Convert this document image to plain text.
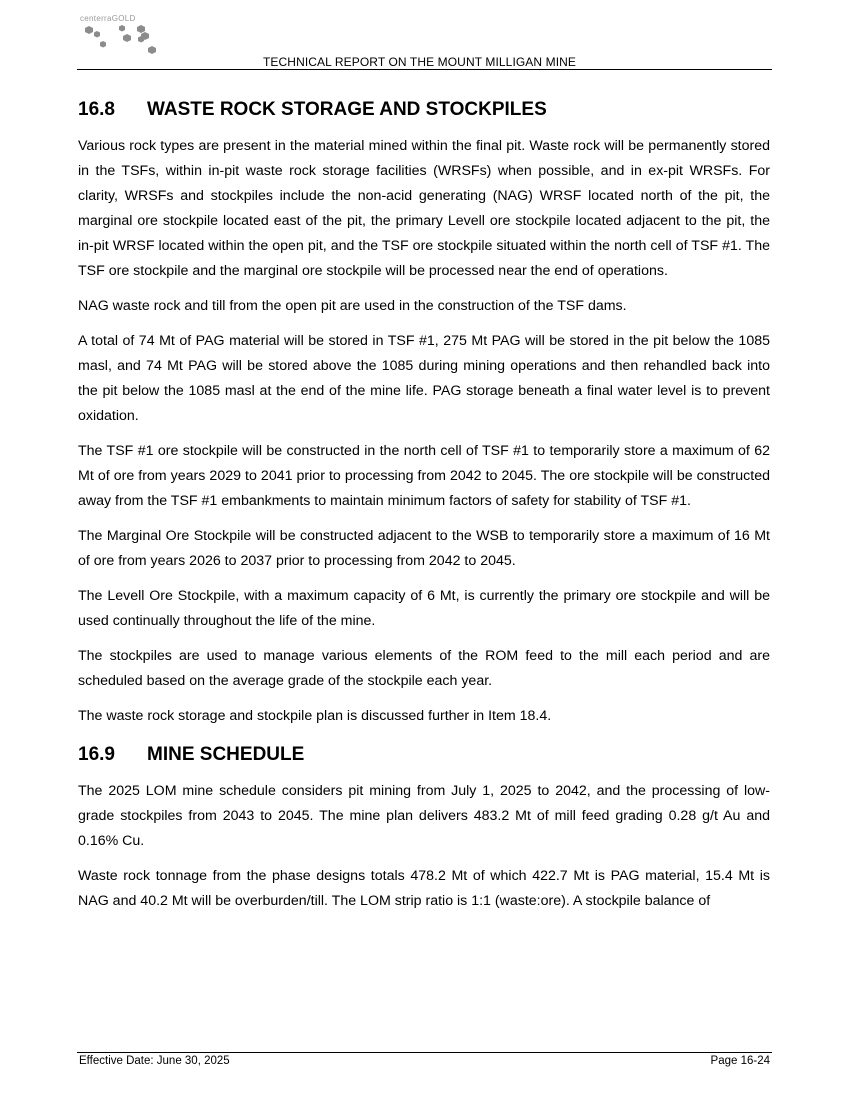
centerraGOLD
TECHNICAL REPORT ON THE MOUNT MILLIGAN MINE
16.8	WASTE ROCK STORAGE AND STOCKPILES

Various rock types are present in the material mined within the final pit. Waste rock will be permanently stored in the TSFs, within in-pit waste rock storage facilities (WRSFs) when possible, and in ex-pit WRSFs. For clarity, WRSFs and stockpiles include the non-acid generating (NAG) WRSF located north of the pit, the marginal ore stockpile located east of the pit, the primary Levell ore stockpile located adjacent to the pit, the in-pit WRSF located within the open pit, and the TSF ore stockpile situated within the north cell of TSF #1. The TSF ore stockpile and the marginal ore stockpile will be processed near the end of operations.

NAG waste rock and till from the open pit are used in the construction of the TSF dams.

A total of 74 Mt of PAG material will be stored in TSF #1, 275 Mt PAG will be stored in the pit below the 1085 masl, and 74 Mt PAG will be stored above the 1085 during mining operations and then rehandled back into the pit below the 1085 masl at the end of the mine life. PAG storage beneath a final water level is to prevent oxidation.

The TSF #1 ore stockpile will be constructed in the north cell of TSF #1 to temporarily store a maximum of 62 Mt of ore from years 2029 to 2041 prior to processing from 2042 to 2045. The ore stockpile will be constructed away from the TSF #1 embankments to maintain minimum factors of safety for stability of TSF #1.

The Marginal Ore Stockpile will be constructed adjacent to the WSB to temporarily store a maximum of 16 Mt of ore from years 2026 to 2037 prior to processing from 2042 to 2045.

The Levell Ore Stockpile, with a maximum capacity of 6 Mt, is currently the primary ore stockpile and will be used continually throughout the life of the mine.

The stockpiles are used to manage various elements of the ROM feed to the mill each period and are scheduled based on the average grade of the stockpile each year.

The waste rock storage and stockpile plan is discussed further in Item 18.4.

16.9	MINE SCHEDULE

The 2025 LOM mine schedule considers pit mining from July 1, 2025 to 2042, and the processing of low-grade stockpiles from 2043 to 2045. The mine plan delivers 483.2 Mt of mill feed grading 0.28 g/t Au and 0.16% Cu.

Waste rock tonnage from the phase designs totals 478.2 Mt of which 422.7 Mt is PAG material, 15.4 Mt is NAG and 40.2 Mt will be overburden/till. The LOM strip ratio is 1:1 (waste:ore). A stockpile balance of

Effective Date: June 30, 2025	Page 16-24
